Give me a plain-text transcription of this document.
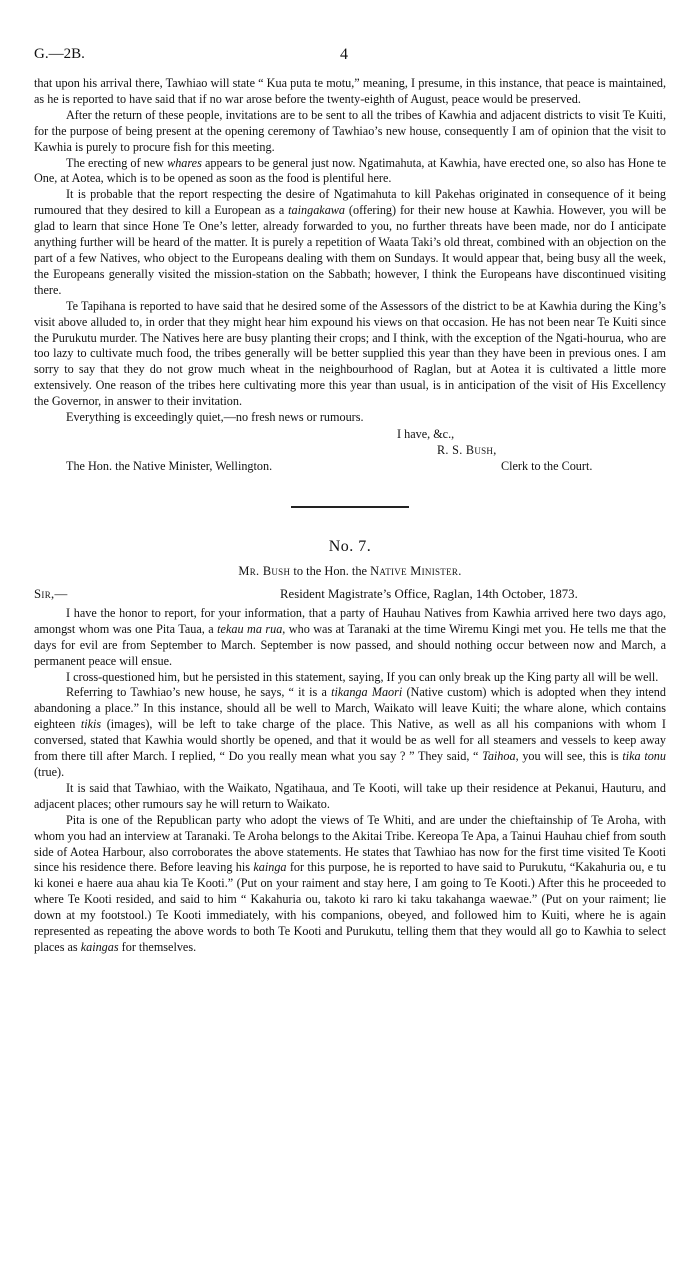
G.—2B.	4

that upon his arrival there, Tawhiao will state “ Kua puta te motu,” meaning, I presume, in this instance, that peace is maintained, as he is reported to have said that if no war arose before the twenty-eighth of August, peace would be preserved.

After the return of these people, invitations are to be sent to all the tribes of Kawhia and adjacent districts to visit Te Kuiti, for the purpose of being present at the opening ceremony of Tawhiao’s new house, consequently I am of opinion that the visit to Kawhia is purely to procure fish for this meeting.

The erecting of new whares appears to be general just now. Ngatimahuta, at Kawhia, have erected one, so also has Hone te One, at Aotea, which is to be opened as soon as the food is plentiful here.

It is probable that the report respecting the desire of Ngatimahuta to kill Pakehas originated in consequence of it being rumoured that they desired to kill a European as a taingakawa (offering) for their new house at Kawhia. However, you will be glad to learn that since Hone Te One’s letter, already forwarded to you, no further threats have been made, nor do I anticipate anything further will be heard of the matter. It is purely a repetition of Waata Taki’s old threat, combined with an objection on the part of a few Natives, who object to the Europeans dealing with them on Sundays. It would appear that, being busy all the week, the Europeans generally visited the mission-station on the Sabbath; however, I think the Europeans have discontinued visiting there.

Te Tapihana is reported to have said that he desired some of the Assessors of the district to be at Kawhia during the King’s visit above alluded to, in order that they might hear him expound his views on that occasion. He has not been near Te Kuiti since the Purukutu murder. The Natives here are busy planting their crops; and I think, with the exception of the Ngati-hourua, who are too lazy to cultivate much food, the tribes generally will be better supplied this year than they have been in previous ones. I am sorry to say that they do not grow much wheat in the neighbourhood of Raglan, but at Aotea it is cultivated a little more extensively. One reason of the tribes here cultivating more this year than usual, is in anticipation of the visit of His Excellency the Governor, in answer to their invitation.

Everything is exceedingly quiet,—no fresh news or rumours.

I have, &c.,
R. S. Bush,
The Hon. the Native Minister, Wellington.	Clerk to the Court.
No. 7.
Mr. Bush to the Hon. the Native Minister.
Sir,—	Resident Magistrate’s Office, Raglan, 14th October, 1873.

I have the honor to report, for your information, that a party of Hauhau Natives from Kawhia arrived here two days ago, amongst whom was one Pita Taua, a tekau ma rua, who was at Taranaki at the time Wiremu Kingi met you. He tells me that the days for evil are from September to March. September is now passed, and should nothing occur between now and March, a permanent peace will ensue.

I cross-questioned him, but he persisted in this statement, saying, If you can only break up the King party all will be well.

Referring to Tawhiao’s new house, he says, “ it is a tikanga Maori (Native custom) which is adopted when they intend abandoning a place.” In this instance, should all be well to March, Waikato will leave Kuiti; the whare alone, which contains eighteen tikis (images), will be left to take charge of the place. This Native, as well as all his companions with whom I conversed, stated that Kawhia would shortly be opened, and that it would be as well for all steamers and vessels to keep away from there till after March. I replied, “ Do you really mean what you say ? ” They said, “ Taihoa, you will see, this is tika tonu (true).

It is said that Tawhiao, with the Waikato, Ngatihaua, and Te Kooti, will take up their residence at Pekanui, Hauturu, and adjacent places; other rumours say he will return to Waikato.

Pita is one of the Republican party who adopt the views of Te Whiti, and are under the chieftainship of Te Aroha, with whom you had an interview at Taranaki. Te Aroha belongs to the Akitai Tribe. Kereopa Te Apa, a Tainui Hauhau chief from south side of Aotea Harbour, also corroborates the above statements. He states that Tawhiao has now for the first time visited Te Kooti since his residence there. Before leaving his kainga for this purpose, he is reported to have said to Purukutu, “Kakahuria ou, e tu ki konei e haere aua ahau kia Te Kooti.” (Put on your raiment and stay here, I am going to Te Kooti.) After this he proceeded to where Te Kooti resided, and said to him “ Kakahuria ou, takoto ki raro ki taku takahanga waewae.” (Put on your raiment; lie down at my footstool.) Te Kooti immediately, with his companions, obeyed, and followed him to Kuiti, where he is again represented as repeating the above words to both Te Kooti and Purukutu, telling them that they would all go to Kawhia to select places as kaingas for themselves.
